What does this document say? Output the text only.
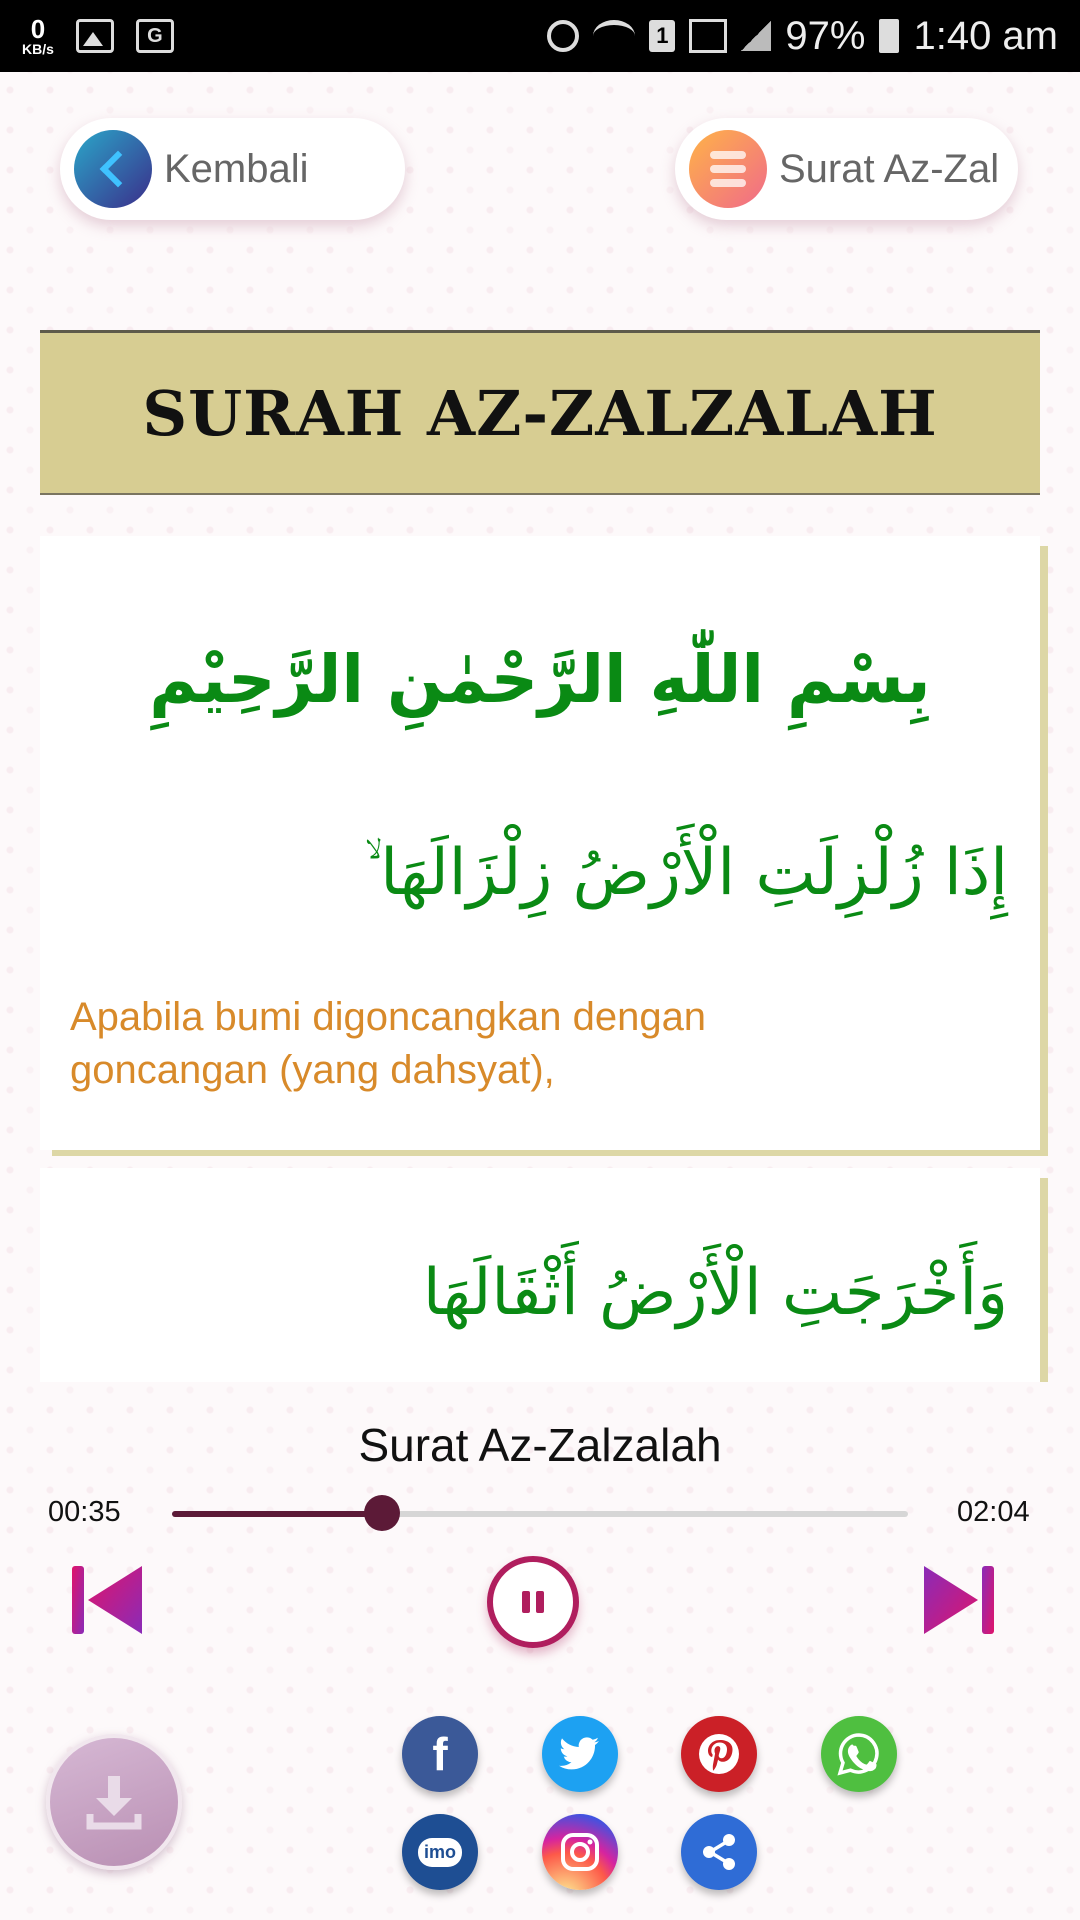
0
KB/s
G	1	97% 1:40 am
Kembali	Surat Az-Zal
SURAH AZ-ZALZALAH
بِسْمِ اللّٰهِ الرَّحْمٰنِ الرَّحِيْمِ
إِذَا زُلْزِلَتِ الْأَرْضُ زِلْزَالَهَا ۙ
Apabila bumi digoncangkan dengan goncangan (yang dahsyat),
وَأَخْرَجَتِ الْأَرْضُ أَثْقَالَهَا
Surat Az-Zalzalah
00:35	02:04
f
imo
